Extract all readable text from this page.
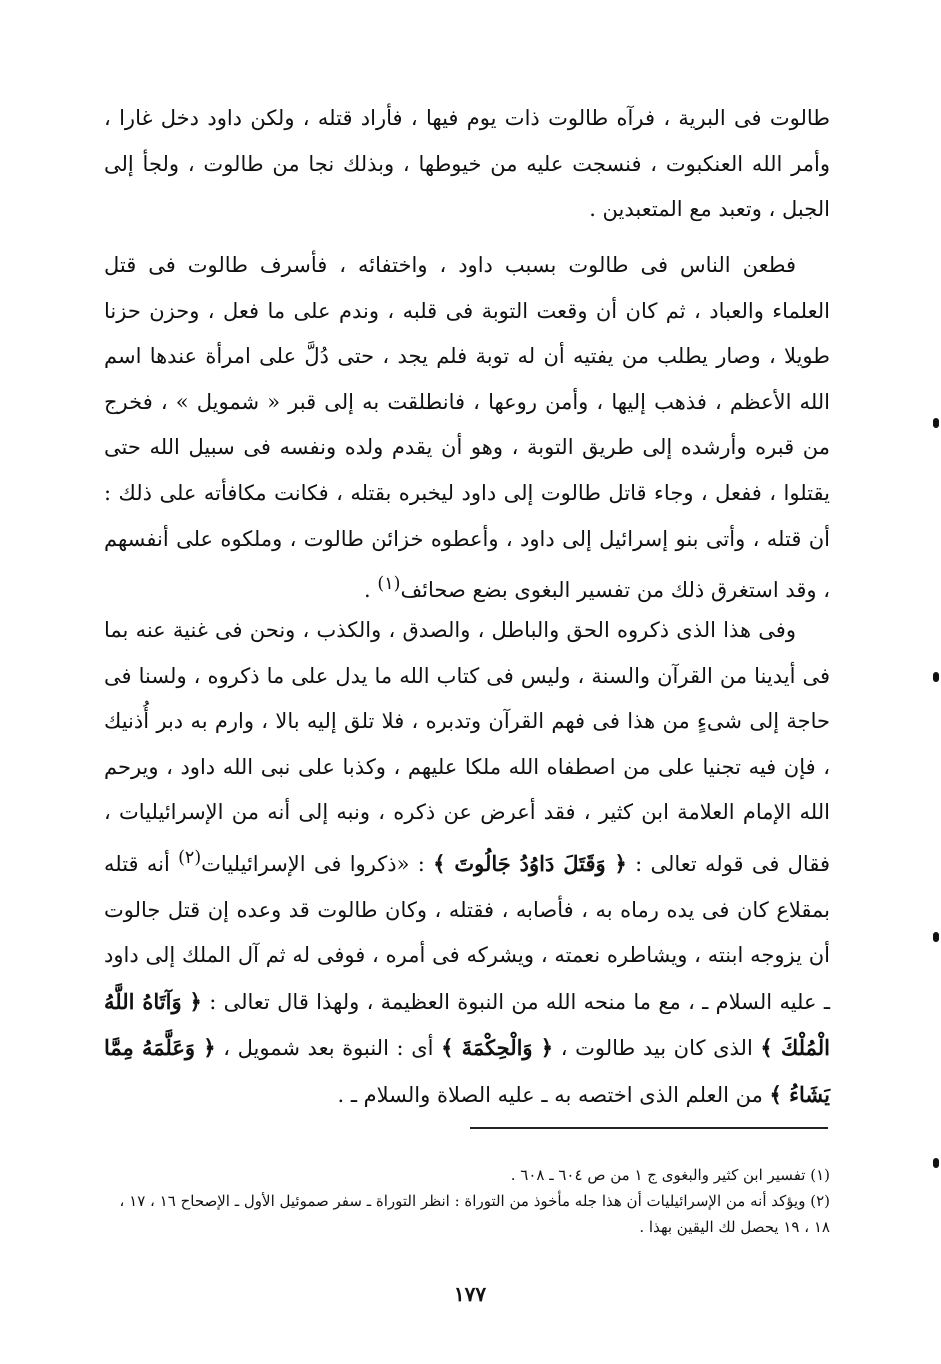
طالوت فى البرية ، فرآه طالوت ذات يوم فيها ، فأراد قتله ، ولكن داود دخل غارا ، وأمر الله العنكبوت ، فنسجت عليه من خيوطها ، وبذلك نجا من طالوت ، ولجأ إلى الجبل ، وتعبد مع المتعبدين .
فطعن الناس فى طالوت بسبب داود ، واختفائه ، فأسرف طالوت فى قتل العلماء والعباد ، ثم كان أن وقعت التوبة فى قلبه ، وندم على ما فعل ، وحزن حزنا طويلا ، وصار يطلب من يفتيه أن له توبة فلم يجد ، حتى دُلَّ على امرأة عندها اسم الله الأعظم ، فذهب إليها ، وأمن روعها ، فانطلقت به إلى قبر « شمويل » ، فخرج من قبره وأرشده إلى طريق التوبة ، وهو أن يقدم ولده ونفسه فى سبيل الله حتى يقتلوا ، ففعل ، وجاء قاتل طالوت إلى داود ليخبره بقتله ، فكانت مكافأته على ذلك : أن قتله ، وأتى بنو إسرائيل إلى داود ، وأعطوه خزائن طالوت ، وملكوه على أنفسهم ، وقد استغرق ذلك من تفسير البغوى بضع صحائف$^{(١)}$ .
وفى هذا الذى ذكروه الحق والباطل ، والصدق ، والكذب ، ونحن فى غنية عنه بما فى أيدينا من القرآن والسنة ، وليس فى كتاب الله ما يدل على ما ذكروه ، ولسنا فى حاجة إلى شىءٍ من هذا فى فهم القرآن وتدبره ، فلا تلق إليه بالا ، وارم به دبر أُذنيك ، فإن فيه تجنيا على من اصطفاه الله ملكا عليهم ، وكذبا على نبى الله داود ، ويرحم الله الإمام العلامة ابن كثير ، فقد أعرض عن ذكره ، ونبه إلى أنه من الإسرائيليات ، فقال فى قوله تعالى : ﴿ وَقَتَلَ دَاوُدُ جَالُوتَ ﴾ : «ذكروا فى الإسرائيليات$^{(٢)}$ أنه قتله بمقلاع كان فى يده رماه به ، فأصابه ، فقتله ، وكان طالوت قد وعده إن قتل جالوت أن يزوجه ابنته ، ويشاطره نعمته ، ويشركه فى أمره ، فوفى له ثم آل الملك إلى داود ـ عليه السلام ـ ، مع ما منحه الله من النبوة العظيمة ، ولهذا قال تعالى : ﴿ وَآتَاهُ اللَّهُ الْمُلْكَ ﴾ الذى كان بيد طالوت ، ﴿ وَالْحِكْمَةَ ﴾ أى : النبوة بعد شمويل ، ﴿ وَعَلَّمَهُ مِمَّا يَشَاءُ ﴾ من العلم الذى اختصه به ـ عليه الصلاة والسلام ـ .

(١) تفسير ابن كثير والبغوى ج ١ من ص ٦٠٤ ـ ٦٠٨ .

(٢) ويؤكد أنه من الإسرائيليات أن هذا جله مأخوذ من التوراة : انظر التوراة ـ سفر صموئيل الأول ـ الإصحاح ١٦ ، ١٧ ، ١٨ ، ١٩ يحصل لك اليقين بهذا .

١٧٧
